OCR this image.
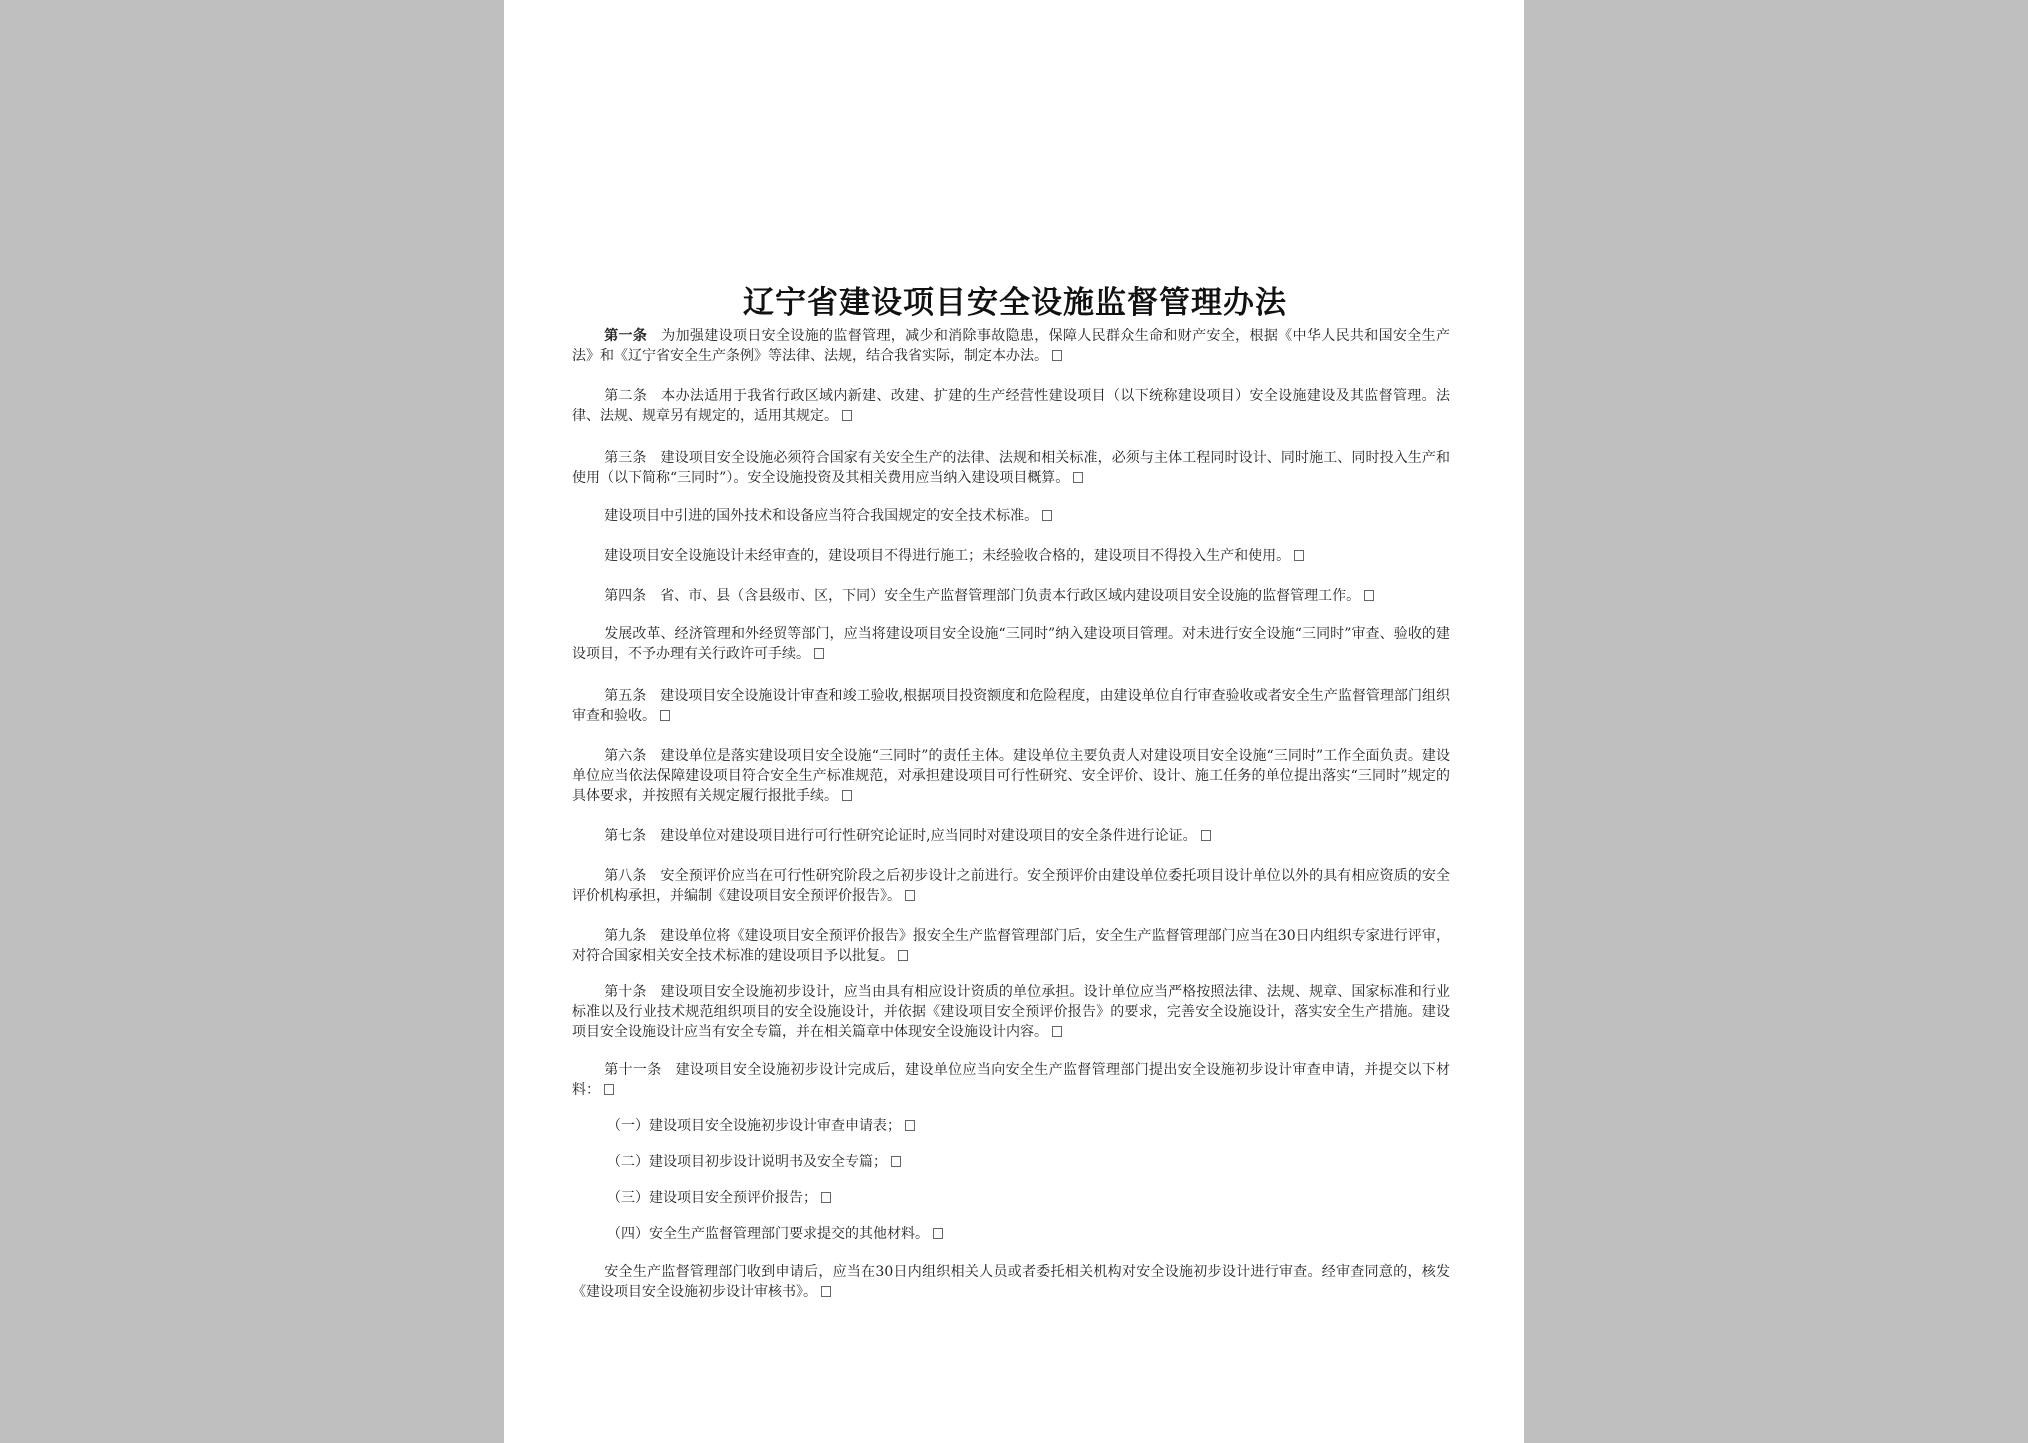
辽宁省建设项目安全设施监督管理办法

第一条 为加强建设项日安全设施的监督管理，减少和消除事故隐患，保障人民群众生命和财产安全，根据《中华人民共和国安全生产法》和《辽宁省安全生产条例》等法律、法规，结合我省实际，制定本办法。

第二条 本办法适用于我省行政区域内新建、改建、扩建的生产经营性建设项目（以下统称建设项目）安全设施建设及其监督管理。法律、法规、规章另有规定的，适用其规定。

第三条 建设项目安全设施必须符合国家有关安全生产的法律、法规和相关标准，必须与主体工程同时设计、同时施工、同时投入生产和使用（以下简称“三同时”）。安全设施投资及其相关费用应当纳入建设项目概算。

建设项目中引进的国外技术和设备应当符合我国规定的安全技术标准。

建设项目安全设施设计未经审查的，建设项目不得进行施工；未经验收合格的，建设项目不得投入生产和使用。

第四条 省、市、县（含县级市、区，下同）安全生产监督管理部门负责本行政区域内建设项目安全设施的监督管理工作。

发展改革、经济管理和外经贸等部门，应当将建设项目安全设施“三同时”纳入建设项目管理。对未进行安全设施“三同时”审查、验收的建设项目，不予办理有关行政许可手续。

第五条 建设项目安全设施设计审查和竣工验收,根据项目投资额度和危险程度，由建设单位自行审查验收或者安全生产监督管理部门组织审查和验收。

第六条 建设单位是落实建设项目安全设施“三同时”的责任主体。建设单位主要负责人对建设项目安全设施“三同时”工作全面负责。建设单位应当依法保障建设项目符合安全生产标准规范，对承担建设项目可行性研究、安全评价、设计、施工任务的单位提出落实“三同时”规定的具体要求，并按照有关规定履行报批手续。

第七条 建设单位对建设项目进行可行性研究论证时,应当同时对建设项目的安全条件进行论证。

第八条 安全预评价应当在可行性研究阶段之后初步设计之前进行。安全预评价由建设单位委托项目设计单位以外的具有相应资质的安全评价机构承担，并编制《建设项目安全预评价报告》。

第九条 建设单位将《建设项目安全预评价报告》报安全生产监督管理部门后，安全生产监督管理部门应当在30日内组织专家进行评审，对符合国家相关安全技术标准的建设项目予以批复。

第十条 建设项目安全设施初步设计，应当由具有相应设计资质的单位承担。设计单位应当严格按照法律、法规、规章、国家标准和行业标准以及行业技术规范组织项目的安全设施设计，并依据《建设项目安全预评价报告》的要求，完善安全设施设计，落实安全生产措施。建设项目安全设施设计应当有安全专篇，并在相关篇章中体现安全设施设计内容。

第十一条 建设项目安全设施初步设计完成后，建设单位应当向安全生产监督管理部门提出安全设施初步设计审查申请，并提交以下材料：

（一）建设项目安全设施初步设计审查申请表；

（二）建设项目初步设计说明书及安全专篇；

（三）建设项目安全预评价报告；

（四）安全生产监督管理部门要求提交的其他材料。

安全生产监督管理部门收到申请后，应当在30日内组织相关人员或者委托相关机构对安全设施初步设计进行审查。经审查同意的，核发《建设项目安全设施初步设计审核书》。
